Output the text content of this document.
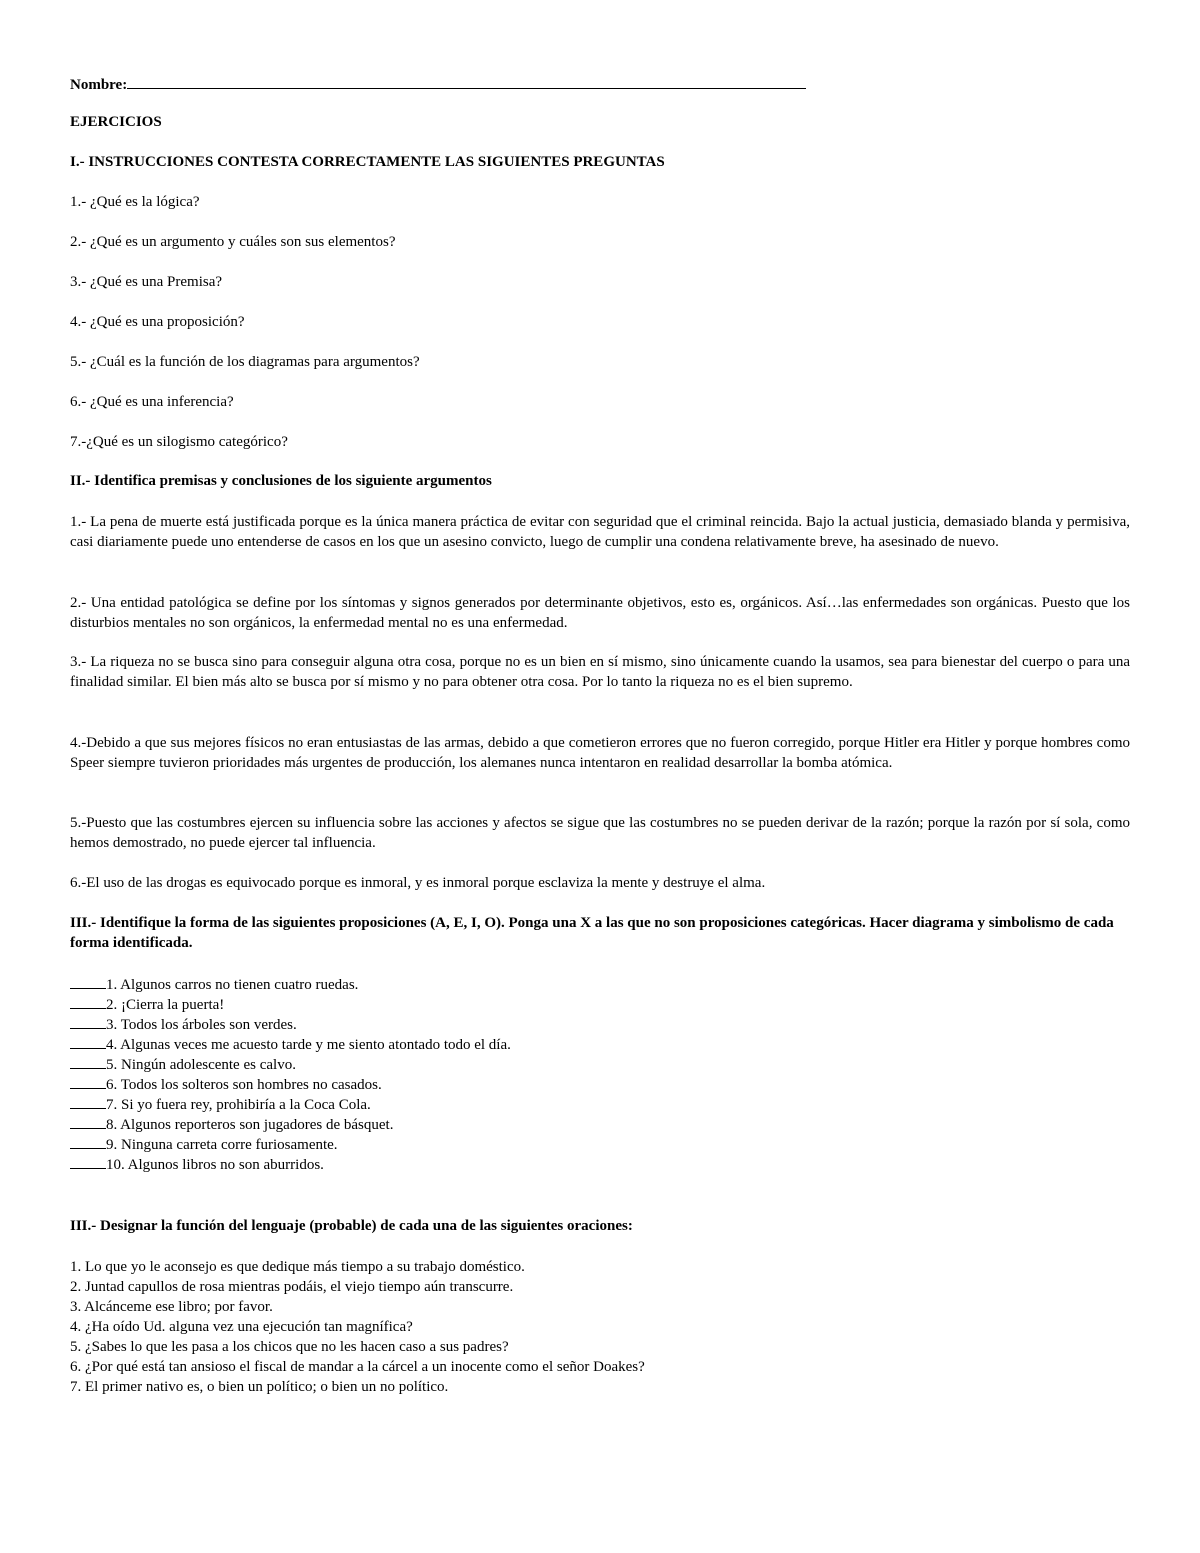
Nombre:

EJERCICIOS

I.- INSTRUCCIONES CONTESTA CORRECTAMENTE LAS SIGUIENTES PREGUNTAS

1.- ¿Qué es la lógica?

2.- ¿Qué es un argumento y cuáles son sus elementos?

3.- ¿Qué es una Premisa?

4.- ¿Qué es una proposición?

5.- ¿Cuál es la función de los diagramas para argumentos?

6.- ¿Qué es una inferencia?

7.-¿Qué es un silogismo categórico?

II.- Identifica premisas y conclusiones de los siguiente argumentos

1.- La pena de muerte está justificada porque es la única manera práctica de evitar con seguridad que el criminal reincida. Bajo la actual justicia, demasiado blanda y permisiva, casi diariamente puede uno entenderse de casos en los que un asesino convicto, luego de cumplir una condena relativamente breve, ha asesinado de nuevo.

2.- Una entidad patológica se define por los síntomas y signos generados por determinante objetivos, esto es, orgánicos. Así…las enfermedades son orgánicas. Puesto que los disturbios mentales no son orgánicos, la enfermedad mental no es una enfermedad.

3.- La riqueza no se busca sino para conseguir alguna otra cosa, porque no es un bien en sí mismo, sino únicamente cuando la usamos, sea para bienestar del cuerpo o para una finalidad similar. El bien más alto se busca por sí mismo y no para obtener otra cosa. Por lo tanto la riqueza no es el bien supremo.

4.-Debido a que sus mejores físicos no eran entusiastas de las armas, debido a que cometieron errores que no fueron corregido, porque Hitler era Hitler y porque hombres como Speer siempre tuvieron prioridades más urgentes de producción, los alemanes nunca intentaron en realidad desarrollar la bomba atómica.

5.-Puesto que las costumbres ejercen su influencia sobre las acciones y afectos se sigue que las costumbres no se pueden derivar de la razón; porque la razón por sí sola, como hemos demostrado, no puede ejercer tal influencia.

6.-El uso de las drogas es equivocado porque es inmoral, y es inmoral porque esclaviza la mente y destruye el alma.

III.- Identifique la forma de las siguientes proposiciones (A, E, I, O). Ponga una X a las que no son proposiciones categóricas. Hacer diagrama y simbolismo de cada forma identificada.

1. Algunos carros no tienen cuatro ruedas.
2. ¡Cierra la puerta!
3. Todos los árboles son verdes.
4. Algunas veces me acuesto tarde y me siento atontado todo el día.
5. Ningún adolescente es calvo.
6. Todos los solteros son hombres no casados.
7. Si yo fuera rey, prohibiría a la Coca Cola.
8. Algunos reporteros son jugadores de básquet.
9. Ninguna carreta corre furiosamente.
10. Algunos libros no son aburridos.

III.- Designar la función del lenguaje (probable) de cada una de las siguientes oraciones:

1. Lo que yo le aconsejo es que dedique más tiempo a su trabajo doméstico.
2. Juntad capullos de rosa mientras podáis, el viejo tiempo aún transcurre.
3. Alcánceme ese libro; por favor.
4. ¿Ha oído Ud. alguna vez una ejecución tan magnífica?
5. ¿Sabes lo que les pasa a los chicos que no les hacen caso a sus padres?
6. ¿Por qué está tan ansioso el fiscal de mandar a la cárcel a un inocente como el señor Doakes?
7. El primer nativo es, o bien un político; o bien un no político.
